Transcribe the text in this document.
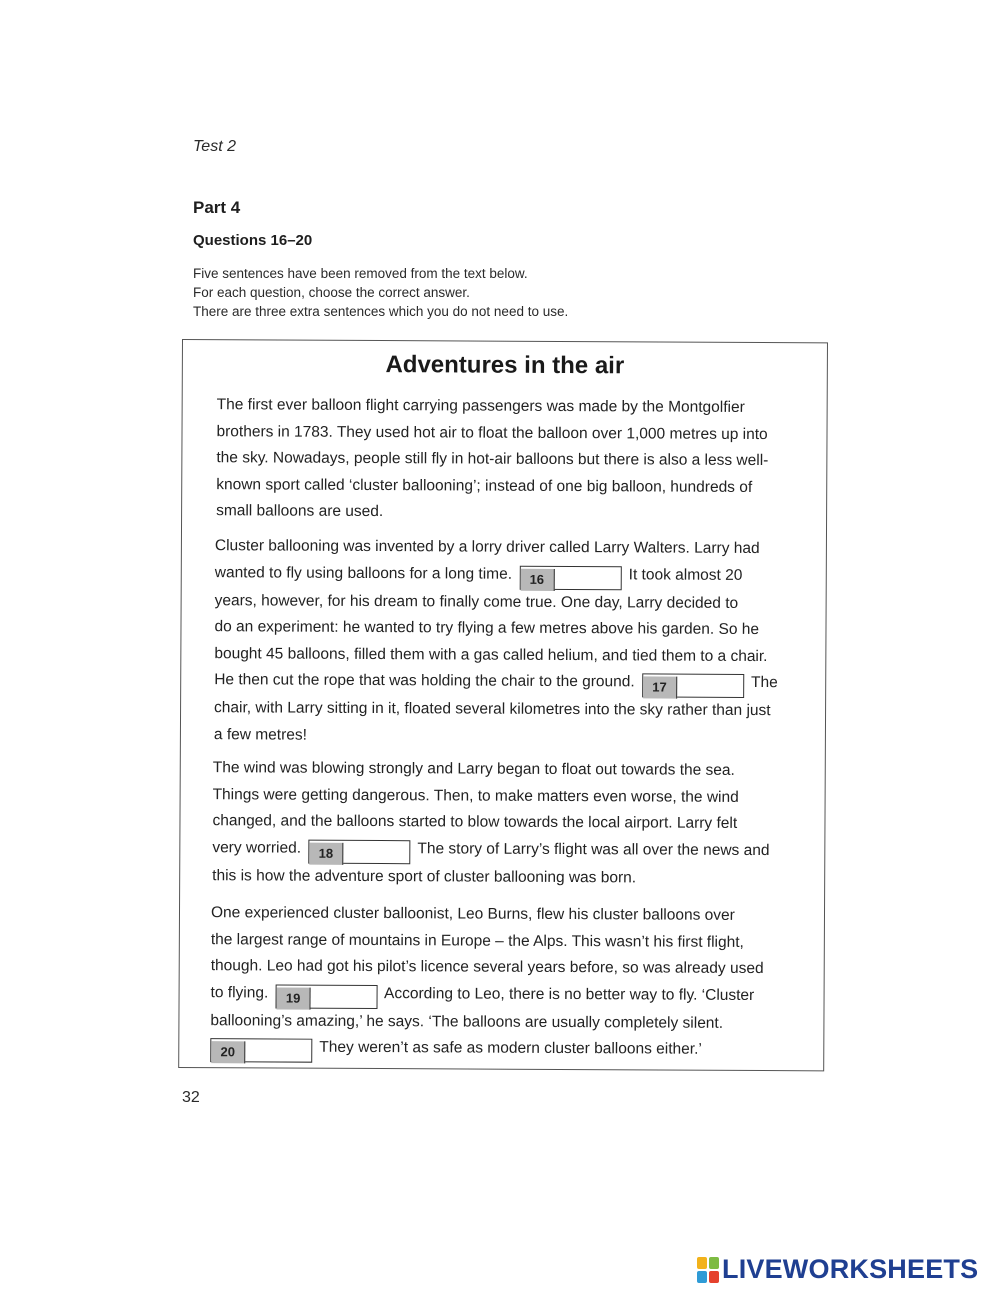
Test 2
Part 4
Questions 16–20
Five sentences have been removed from the text below.
For each question, choose the correct answer.
There are three extra sentences which you do not need to use.
Adventures in the air
The first ever balloon flight carrying passengers was made by the Montgolfier
brothers in 1783. They used hot air to float the balloon over 1,000 metres up into
the sky. Nowadays, people still fly in hot-air balloons but there is also a less well-
known sport called ‘cluster ballooning’; instead of one big balloon, hundreds of
small balloons are used.
Cluster ballooning was invented by a lorry driver called Larry Walters. Larry had
wanted to fly using balloons for a long time. 16	It took almost 20
years, however, for his dream to finally come true. One day, Larry decided to
do an experiment: he wanted to try flying a few metres above his garden. So he
bought 45 balloons, filled them with a gas called helium, and tied them to a chair.
He then cut the rope that was holding the chair to the ground. 17	The
chair, with Larry sitting in it, floated several kilometres into the sky rather than just
a few metres!
The wind was blowing strongly and Larry began to float out towards the sea.
Things were getting dangerous. Then, to make matters even worse, the wind
changed, and the balloons started to blow towards the local airport. Larry felt
very worried. 18	The story of Larry’s flight was all over the news and
this is how the adventure sport of cluster ballooning was born.
One experienced cluster balloonist, Leo Burns, flew his cluster balloons over
the largest range of mountains in Europe – the Alps. This wasn’t his first flight,
though. Leo had got his pilot’s licence several years before, so was already used
to flying. 19	According to Leo, there is no better way to fly. ‘Cluster
ballooning’s amazing,’ he says. ‘The balloons are usually completely silent.
20	They weren’t as safe as modern cluster balloons either.’
32
LIVEWORKSHEETS
